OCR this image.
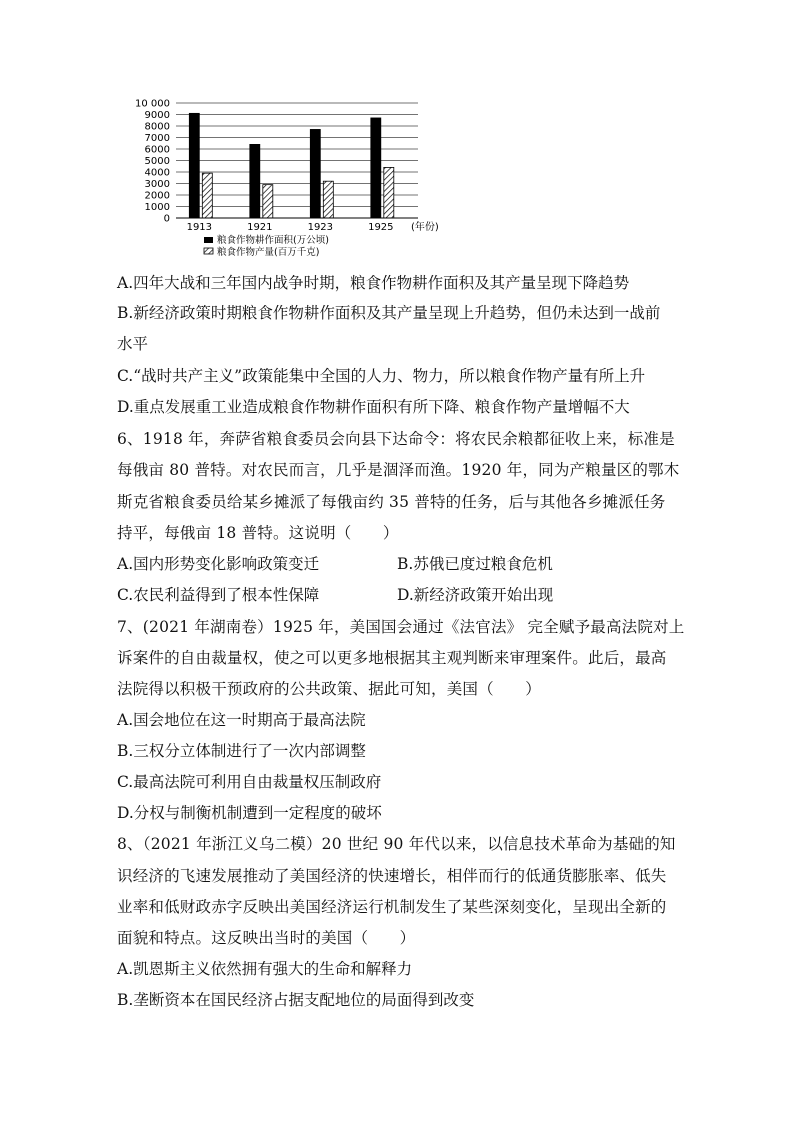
0
1000
2000
3000
4000
5000
6000
7000
8000
9000
10 000
1913	1921	1923	1925 (年份)
粮食作物耕作面积(万公顷)
粮食作物产量(百万千克)
A.四年大战和三年国内战争时期，粮食作物耕作面积及其产量呈现下降趋势
B.新经济政策时期粮食作物耕作面积及其产量呈现上升趋势，但仍未达到一战前
水平
C.“战时共产主义”政策能集中全国的人力、物力，所以粮食作物产量有所上升
D.重点发展重工业造成粮食作物耕作面积有所下降、粮食作物产量增幅不大
6、1918 年，奔萨省粮食委员会向县下达命令：将农民余粮都征收上来，标准是
每俄亩 80 普特。对农民而言，几乎是涸泽而渔。1920 年，同为产粮量区的鄂木
斯克省粮食委员给某乡摊派了每俄亩约 35 普特的任务，后与其他各乡摊派任务
持平，每俄亩 18 普特。这说明（　　）
A.国内形势变化影响政策变迁	B.苏俄已度过粮食危机
C.农民利益得到了根本性保障	D.新经济政策开始出现
7、(2021 年湖南卷）1925 年，美国国会通过《法官法》 完全赋予最高法院对上
诉案件的自由裁量权，使之可以更多地根据其主观判断来审理案件。此后，最高
法院得以积极干预政府的公共政策、据此可知，美国（　　）
A.国会地位在这一时期高于最高法院
B.三权分立体制进行了一次内部调整
C.最高法院可利用自由裁量权压制政府
D.分权与制衡机制遭到一定程度的破坏
8、（2021 年浙江义乌二模）20 世纪 90 年代以来，以信息技术革命为基础的知
识经济的飞速发展推动了美国经济的快速增长，相伴而行的低通货膨胀率、低失
业率和低财政赤字反映出美国经济运行机制发生了某些深刻变化，呈现出全新的
面貌和特点。这反映出当时的美国（　　）
A.凯恩斯主义依然拥有强大的生命和解释力
B.垄断资本在国民经济占据支配地位的局面得到改变
